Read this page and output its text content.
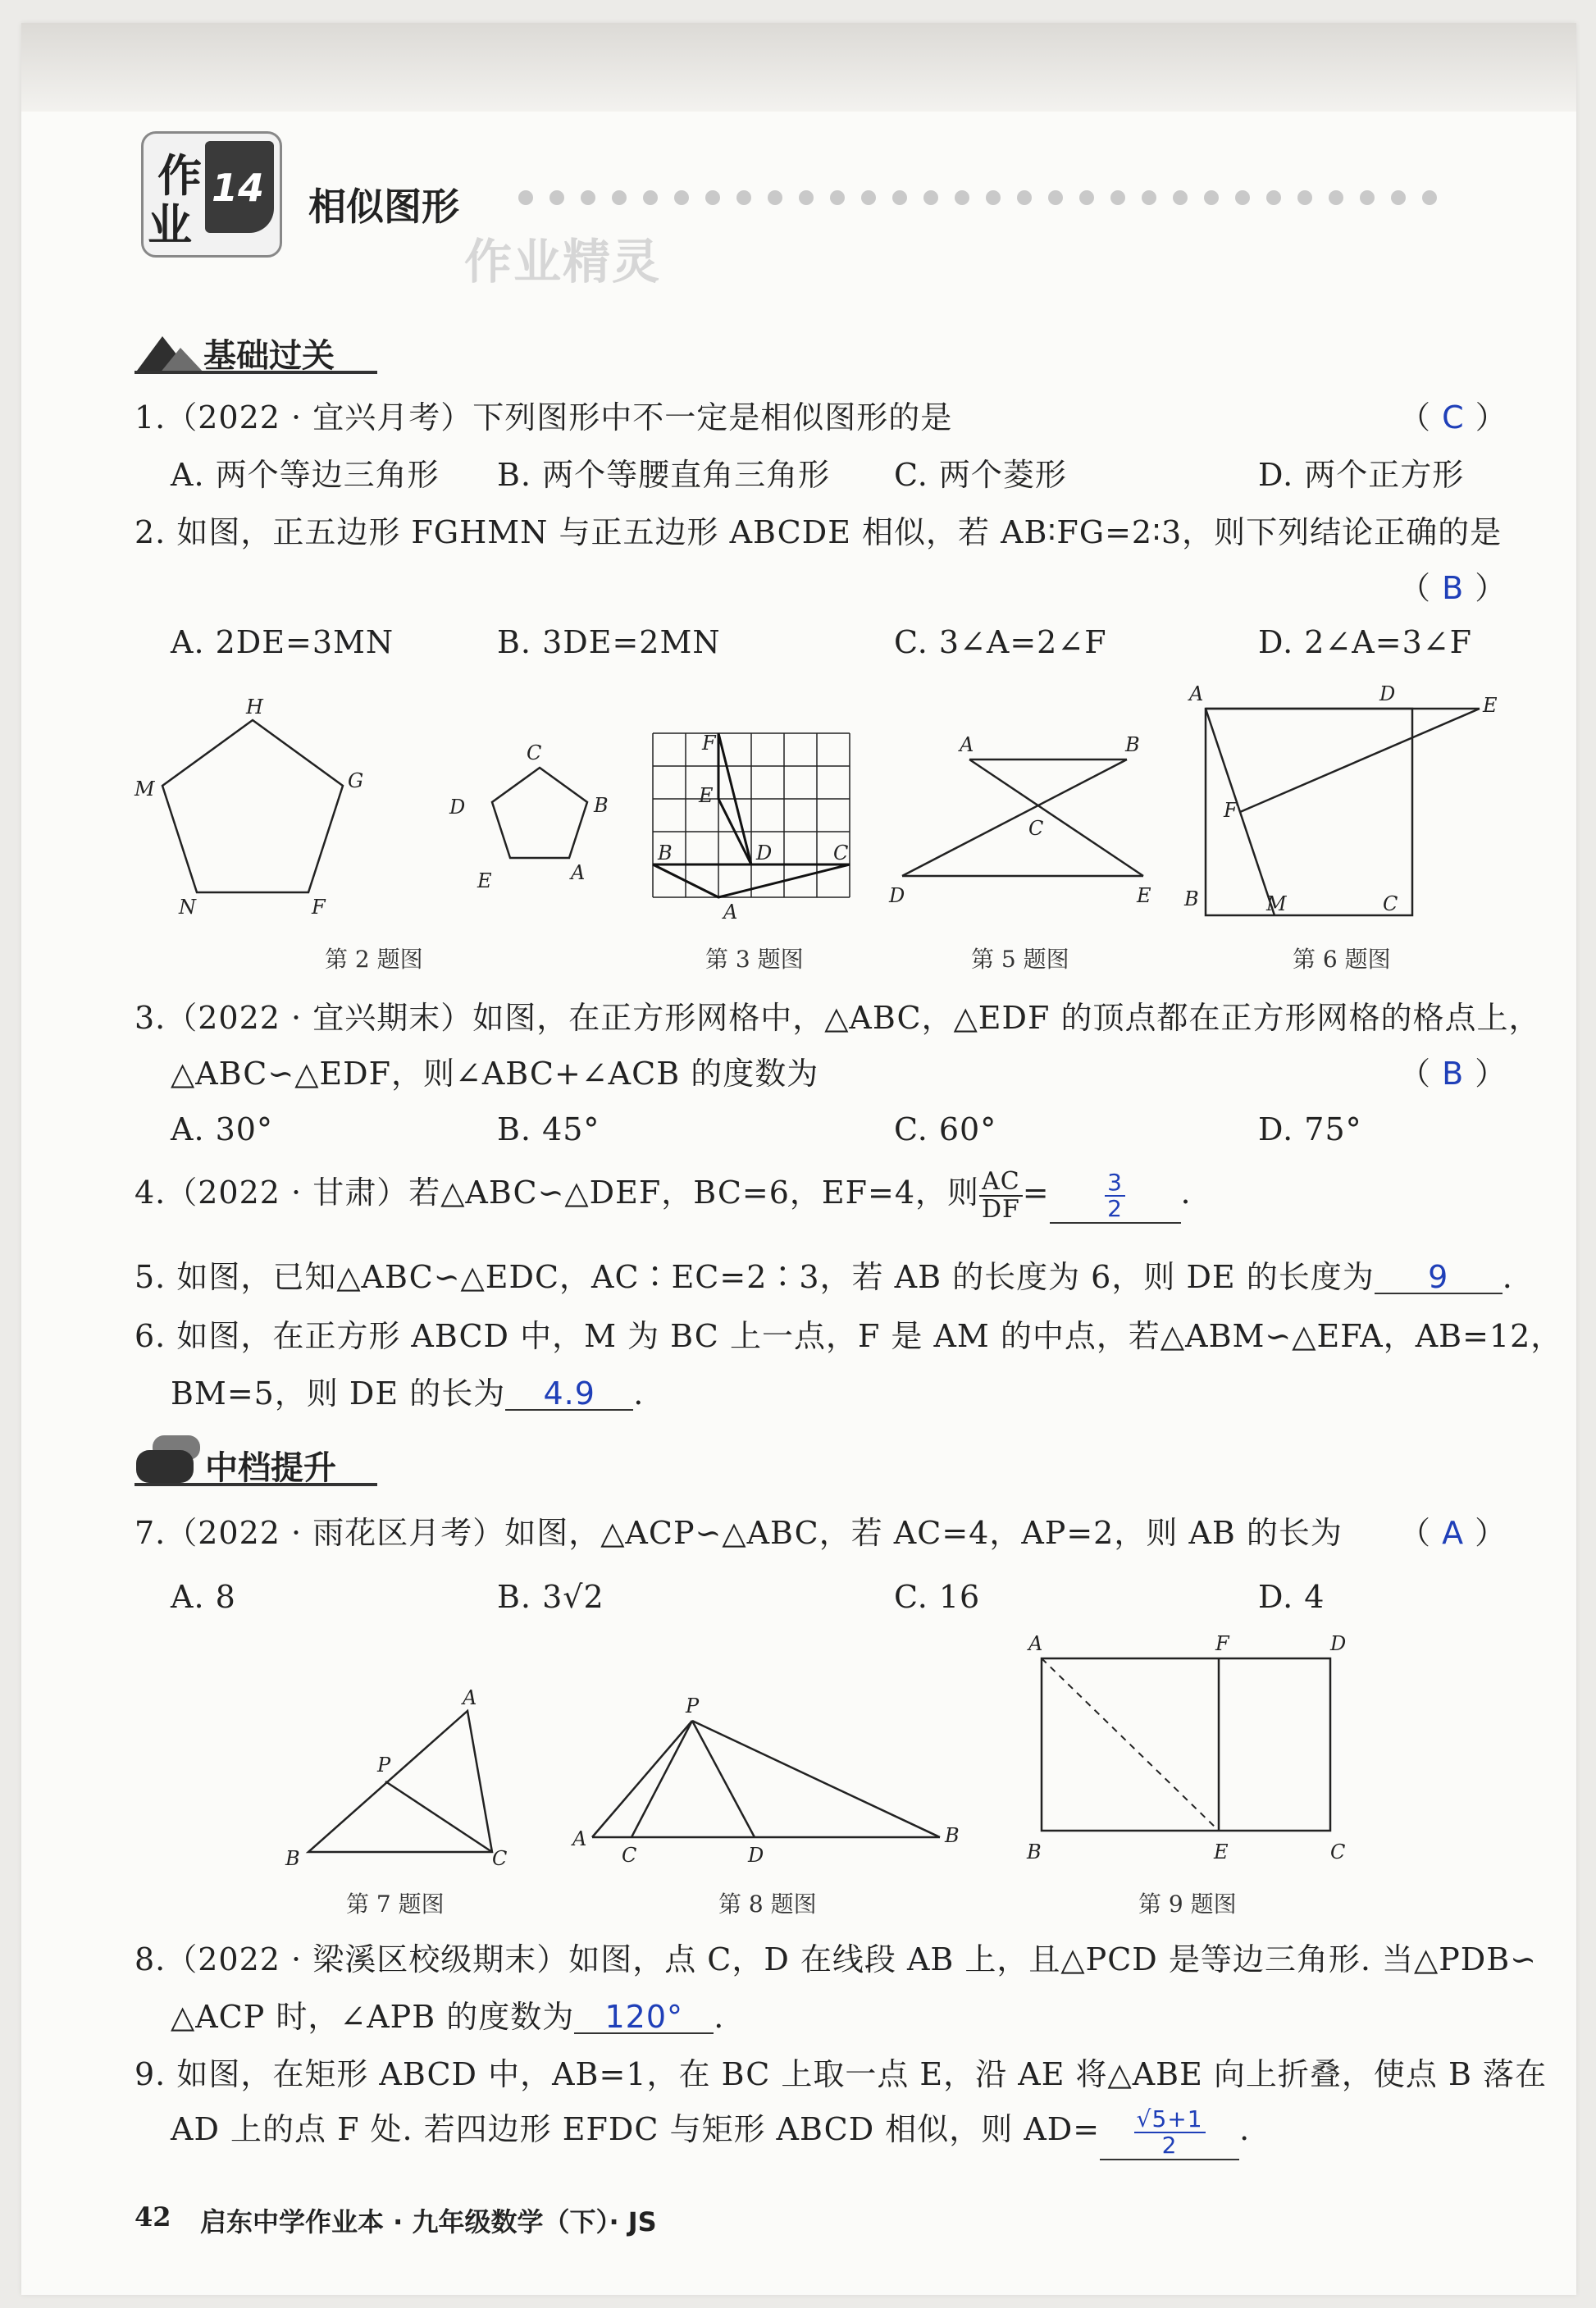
作
业
14 相似图形
作业精灵
基础过关
1.（2022 · 宜兴月考）下列图形中不一定是相似图形的是	（ C ）
A. 两个等边三角形 B. 两个等腰直角三角形 C. 两个菱形	D. 两个正方形
2. 如图，正五边形 FGHMN 与正五边形 ABCDE 相似，若 AB∶FG=2∶3，则下列结论正确的是
（ B ）
A. 2DE=3MN	B. 3DE=2MN	C. 3∠A=2∠F	D. 2∠A=3∠F
H
G
F
N
M
C
B
A
E
D
第 2 题图
F
E
B	D	C
A
第 3 题图
A	B
C
D	E
第 5 题图
A	D	E
F
B	M	C
第 6 题图
3.（2022 · 宜兴期末）如图，在正方形网格中，△ABC，△EDF 的顶点都在正方形网格的格点上，
△ABC∽△EDF，则∠ABC+∠ACB 的度数为	（ B ）
A. 30°	B. 45°	C. 60°	D. 75°
4.（2022 · 甘肃）若△ABC∽△DEF，BC=6，EF=4，则 $\frac{AC}{DF} = \frac{3}{2}$ .
5. 如图，已知△ABC∽△EDC，AC∶EC=2∶3，若 AB 的长度为 6，则 DE 的长度为 9 .
6. 如图，在正方形 ABCD 中，M 为 BC 上一点，F 是 AM 的中点，若△ABM∽△EFA，AB=12，
BM=5，则 DE 的长为 4.9 .
中档提升
7.（2022 · 雨花区月考）如图，△ACP∽△ABC，若 AC=4，AP=2，则 AB 的长为 （ A ）
A. 8	B. 3√2	C. 16	D. 4
A
P
B	C
第 7 题图
P
A
C	D
B
第 8 题图
A	F	D
B	E	C
第 9 题图
8.（2022 · 梁溪区校级期末）如图，点 C，D 在线段 AB 上，且△PCD 是等边三角形. 当△PDB∽
△ACP 时，∠APB 的度数为 120° .
9. 如图，在矩形 ABCD 中，AB=1，在 BC 上取一点 E，沿 AE 将△ABE 向上折叠，使点 B 落在
AD 上的点 F 处. 若四边形 EFDC 与矩形 ABCD 相似，则 $AD= \frac{√5+1}{2}$ .
42 启东中学作业本 · 九年级数学（下）· JS
